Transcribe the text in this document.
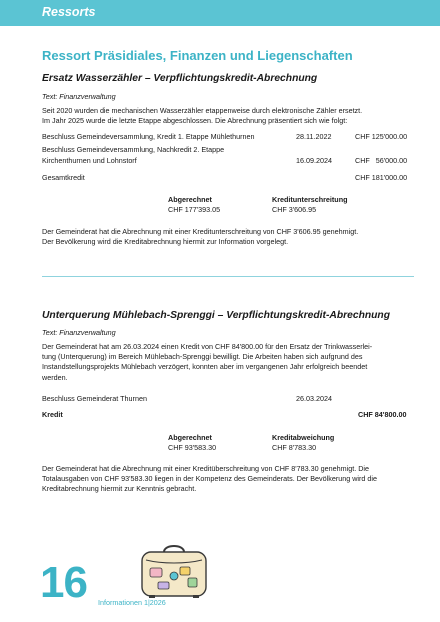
Ressorts
Ressort Präsidiales, Finanzen und Liegenschaften
Ersatz Wasserzähler – Verpflichtungskredit-Abrechnung
Text: Finanzverwaltung
Seit 2020 wurden die mechanischen Wasserzähler etappenweise durch elektronische Zähler ersetzt.
Im Jahr 2025 wurde die letzte Etappe abgeschlossen. Die Abrechnung präsentiert sich wie folgt:
Beschluss Gemeindeversammlung, Kredit 1. Etappe Mühlethurnen	28.11.2022	CHF 125'000.00
Beschluss Gemeindeversammlung, Nachkredit 2. Etappe
Kirchenthurnen und Lohnstorf	16.09.2024	CHF   56'000.00
Gesamtkredit	CHF 181'000.00
Abgerechnet
CHF 177'393.05
Kreditunterschreitung
CHF 3'606.95
Der Gemeinderat hat die Abrechnung mit einer Kreditunterschreitung von CHF 3'606.95 genehmigt.
Der Bevölkerung wird die Kreditabrechnung hiermit zur Information vorgelegt.
Unterquerung Mühlebach-Sprenggi – Verpflichtungskredit-Abrechnung
Text: Finanzverwaltung
Der Gemeinderat hat am 26.03.2024 einen Kredit von CHF 84'800.00 für den Ersatz der Trinkwasserlei-
tung (Unterquerung) im Bereich Mühlebach-Sprenggi bewilligt. Die Arbeiten haben sich aufgrund des
Instandstellungsprojekts Mühlebach verzögert, konnten aber im vergangenen Jahr erfolgreich beendet
werden.
Beschluss Gemeinderat Thurnen	26.03.2024
Kredit	CHF 84'800.00
Abgerechnet
CHF 93'583.30
Kreditabweichung
CHF 8'783.30
Der Gemeinderat hat die Abrechnung mit einer Kreditüberschreitung von CHF 8'783.30 genehmigt. Die
Totalausgaben von CHF 93'583.30 liegen in der Kompetenz des Gemeinderats. Der Bevölkerung wird die
Kreditabrechnung hiermit zur Kenntnis gebracht.
16 Informationen 1|2026
